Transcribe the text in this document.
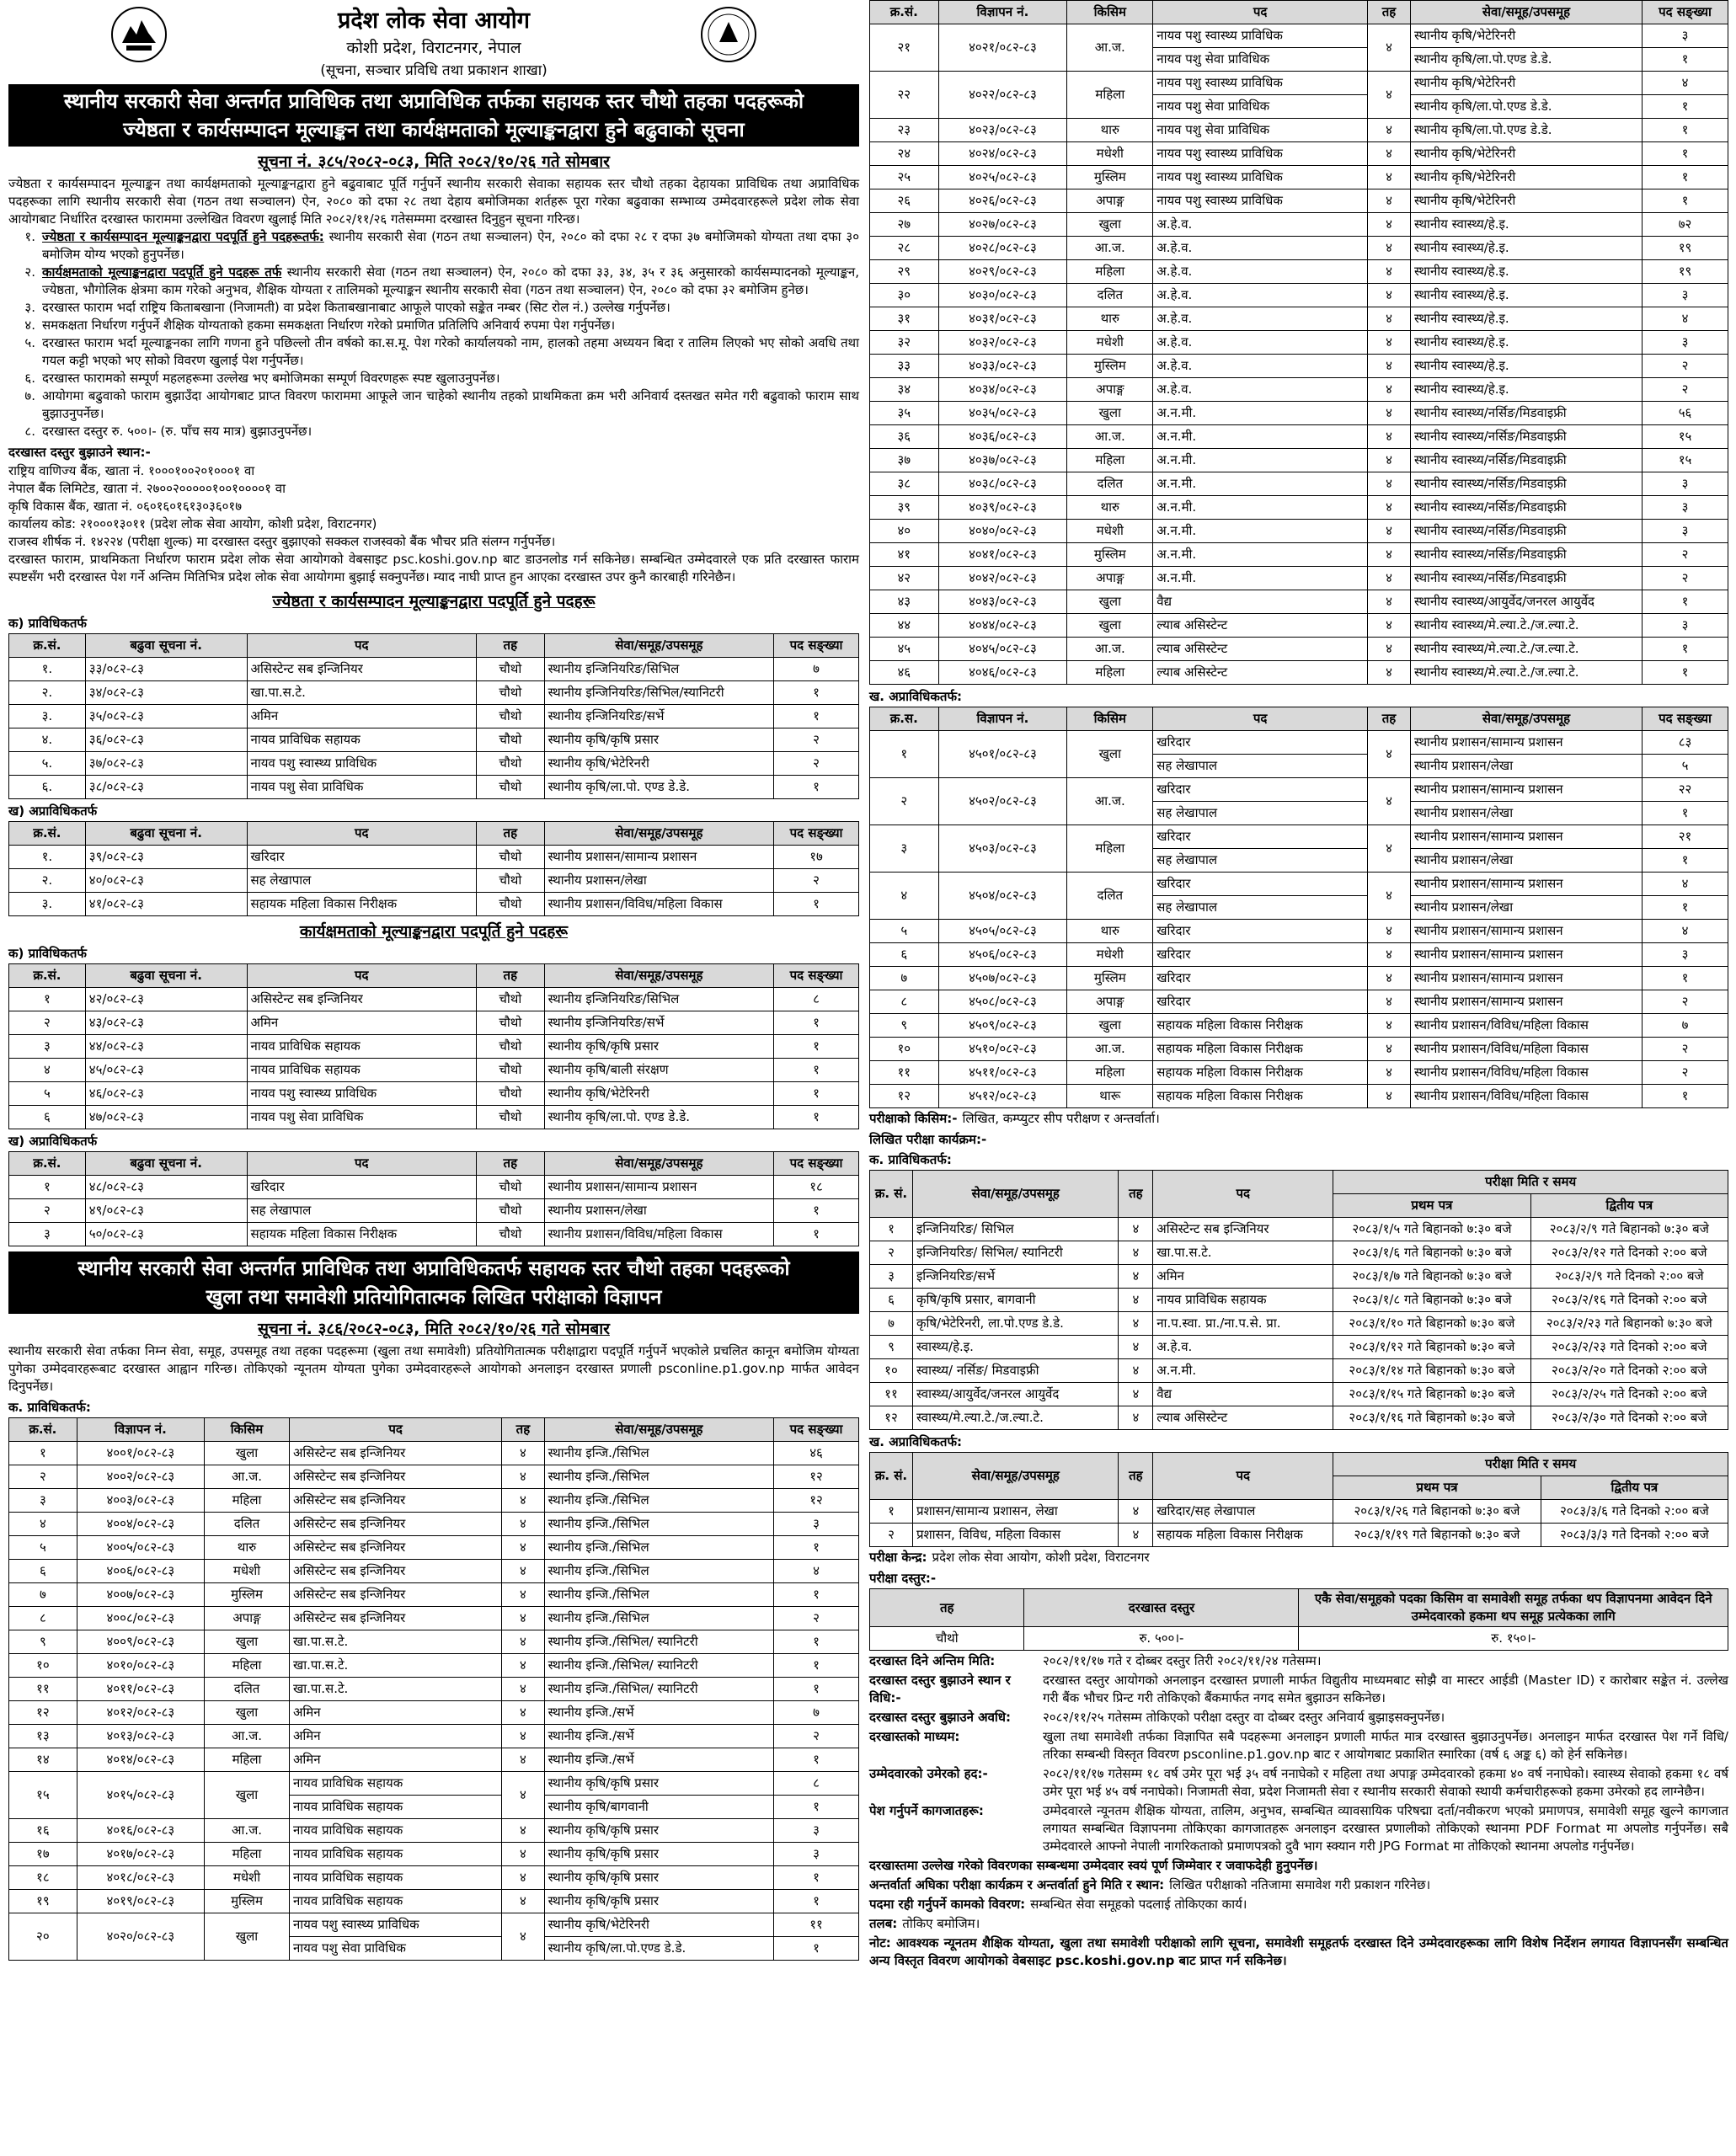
प्रदेश लोक सेवा आयोग
कोशी प्रदेश, विराटनगर, नेपाल
(सूचना, सञ्चार प्रविधि तथा प्रकाशन शाखा)
स्थानीय सरकारी सेवा अन्तर्गत प्राविधिक तथा अप्राविधिक तर्फका सहायक स्तर चौथो तहका पदहरूको
ज्येष्ठता र कार्यसम्पादन मूल्याङ्कन तथा कार्यक्षमताको मूल्याङ्कनद्वारा हुने बढुवाको सूचना
सूचना नं. ३८५/२०८२-०८३, मिति २०८२/१०/२६ गते सोमबार
ज्येष्ठता र कार्यसम्पादन मूल्याङ्कन तथा कार्यक्षमताको मूल्याङ्कनद्वारा हुने बढुवाबाट पूर्ति गर्नुपर्ने स्थानीय सरकारी सेवाका सहायक स्तर चौथो तहका देहायका प्राविधिक तथा अप्राविधिक पदहरूका लागि स्थानीय सरकारी सेवा (गठन तथा सञ्चालन) ऐन, २०८० को दफा २८ तथा देहाय बमोजिमका शर्तहरू पूरा गरेका बढुवाका सम्भाव्य उम्मेदवारहरूले प्रदेश लोक सेवा आयोगबाट निर्धारित दरखास्त फाराममा उल्लेखित विवरण खुलाई मिति २०८२/११/२६ गतेसम्ममा दरखास्त दिनुहुन सूचना गरिन्छ।
१. ज्येष्ठता र कार्यसम्पादन मूल्याङ्कनद्वारा पदपूर्ति हुने पदहरूतर्फ: स्थानीय सरकारी सेवा (गठन तथा सञ्चालन) ऐन, २०८० को दफा २८ र दफा ३७ बमोजिमको योग्यता तथा दफा ३० बमोजिम योग्य भएको हुनुपर्नेछ।
२. कार्यक्षमताको मूल्याङ्कनद्वारा पदपूर्ति हुने पदहरू तर्फ स्थानीय सरकारी सेवा (गठन तथा सञ्चालन) ऐन, २०८० को दफा ३३, ३४, ३५ र ३६ अनुसारको कार्यसम्पादनको मूल्याङ्कन, ज्येष्ठता, भौगोलिक क्षेत्रमा काम गरेको अनुभव, शैक्षिक योग्यता र तालिमको मूल्याङ्कन स्थानीय सरकारी सेवा (गठन तथा सञ्चालन) ऐन, २०८० को दफा ३२ बमोजिम हुनेछ।
३. दरखास्त फाराम भर्दा राष्ट्रिय किताबखाना (निजामती) वा प्रदेश किताबखानाबाट आफूले पाएको सङ्केत नम्बर (सिट रोल नं.) उल्लेख गर्नुपर्नेछ।
४. समकक्षता निर्धारण गर्नुपर्ने शैक्षिक योग्यताको हकमा समकक्षता निर्धारण गरेको प्रमाणित प्रतिलिपि अनिवार्य रुपमा पेश गर्नुपर्नेछ।
५. दरखास्त फाराम भर्दा मूल्याङ्कनका लागि गणना हुने पछिल्लो तीन वर्षको का.स.मू. पेश गरेको कार्यालयको नाम, हालको तहमा अध्ययन बिदा र तालिम लिएको भए सोको अवधि तथा गयल कट्टी भएको भए सोको विवरण खुलाई पेश गर्नुपर्नेछ।
६. दरखास्त फारामको सम्पूर्ण महलहरूमा उल्लेख भए बमोजिमका सम्पूर्ण विवरणहरू स्पष्ट खुलाउनुपर्नेछ।
७. आयोगमा बढुवाको फाराम बुझाउँदा आयोगबाट प्राप्त विवरण फाराममा आफूले जान चाहेको स्थानीय तहको प्राथमिकता क्रम भरी अनिवार्य दस्तखत समेत गरी बढुवाको फाराम साथ बुझाउनुपर्नेछ।
८. दरखास्त दस्तुर रु. ५००।- (रु. पाँच सय मात्र) बुझाउनुपर्नेछ।
दरखास्त दस्तुर बुझाउने स्थान:-
राष्ट्रिय वाणिज्य बैंक, खाता नं. १०००१००२०१०००१ वा
नेपाल बैंक लिमिटेड, खाता नं. २७००२०००००१००१००००१ वा
कृषि विकास बैंक, खाता नं. ०६०१६०१६१३०३६०१७
कार्यालय कोड: २१०००१३०११ (प्रदेश लोक सेवा आयोग, कोशी प्रदेश, विराटनगर)
राजस्व शीर्षक नं. १४२२४ (परीक्षा शुल्क) मा दरखास्त दस्तुर बुझाएको सक्कल राजस्वको बैंक भौचर प्रति संलग्न गर्नुपर्नेछ।
दरखास्त फाराम, प्राथमिकता निर्धारण फाराम प्रदेश लोक सेवा आयोगको वेबसाइट psc.koshi.gov.np बाट डाउनलोड गर्न सकिनेछ। सम्बन्धित उम्मेदवारले एक प्रति दरखास्त फाराम स्पष्टसँग भरी दरखास्त पेश गर्ने अन्तिम मितिभित्र प्रदेश लोक सेवा आयोगमा बुझाई सक्नुपर्नेछ। म्याद नाघी प्राप्त हुन आएका दरखास्त उपर कुनै कारबाही गरिनेछैन।
ज्येष्ठता र कार्यसम्पादन मूल्याङ्कनद्वारा पदपूर्ति हुने पदहरू
क) प्राविधिकतर्फ
क्र.सं.	बढुवा सूचना नं.	पद	तह	सेवा/समूह/उपसमूह	पद सङ्ख्या
१.	३३/०८२-८३	असिस्टेन्ट सब इन्जिनियर	चौथो	स्थानीय इन्जिनियरिङ/सिभिल	७
२.	३४/०८२-८३	खा.पा.स.टे.	चौथो	स्थानीय इन्जिनियरिङ/सिभिल/स्यानिटरी	१
३.	३५/०८२-८३	अमिन	चौथो	स्थानीय इन्जिनियरिङ/सर्भे	१
४.	३६/०८२-८३	नायव प्राविधिक सहायक	चौथो	स्थानीय कृषि/कृषि प्रसार	२
५.	३७/०८२-८३	नायव पशु स्वास्थ्य प्राविधिक	चौथो	स्थानीय कृषि/भेटेरिनरी	२
६.	३८/०८२-८३	नायव पशु सेवा प्राविधिक	चौथो	स्थानीय कृषि/ला.पो. एण्ड डे.डे.	१
ख) अप्राविधिकतर्फ
क्र.सं.	बढुवा सूचना नं.	पद	तह	सेवा/समूह/उपसमूह	पद सङ्ख्या
१.	३९/०८२-८३	खरिदार	चौथो	स्थानीय प्रशासन/सामान्य प्रशासन	१७
२.	४०/०८२-८३	सह लेखापाल	चौथो	स्थानीय प्रशासन/लेखा	२
३.	४१/०८२-८३	सहायक महिला विकास निरीक्षक	चौथो	स्थानीय प्रशासन/विविध/महिला विकास	१
कार्यक्षमताको मूल्याङ्कनद्वारा पदपूर्ति हुने पदहरू
क) प्राविधिकतर्फ
क्र.सं.	बढुवा सूचना नं.	पद	तह	सेवा/समूह/उपसमूह	पद सङ्ख्या
१	४२/०८२-८३	असिस्टेन्ट सब इन्जिनियर	चौथो	स्थानीय इन्जिनियरिङ/सिभिल	८
२	४३/०८२-८३	अमिन	चौथो	स्थानीय इन्जिनियरिङ/सर्भे	१
३	४४/०८२-८३	नायव प्राविधिक सहायक	चौथो	स्थानीय कृषि/कृषि प्रसार	१
४	४५/०८२-८३	नायव प्राविधिक सहायक	चौथो	स्थानीय कृषि/बाली संरक्षण	१
५	४६/०८२-८३	नायव पशु स्वास्थ्य प्राविधिक	चौथो	स्थानीय कृषि/भेटेरिनरी	१
६	४७/०८२-८३	नायव पशु सेवा प्राविधिक	चौथो	स्थानीय कृषि/ला.पो. एण्ड डे.डे.	१
ख) अप्राविधिकतर्फ
क्र.सं.	बढुवा सूचना नं.	पद	तह	सेवा/समूह/उपसमूह	पद सङ्ख्या
१	४८/०८२-८३	खरिदार	चौथो	स्थानीय प्रशासन/सामान्य प्रशासन	१८
२	४९/०८२-८३	सह लेखापाल	चौथो	स्थानीय प्रशासन/लेखा	१
३	५०/०८२-८३	सहायक महिला विकास निरीक्षक	चौथो	स्थानीय प्रशासन/विविध/महिला विकास	१
स्थानीय सरकारी सेवा अन्तर्गत प्राविधिक तथा अप्राविधिकतर्फ सहायक स्तर चौथो तहका पदहरूको
खुला तथा समावेशी प्रतियोगितात्मक लिखित परीक्षाको विज्ञापन
सूचना नं. ३८६/२०८२-०८३, मिति २०८२/१०/२६ गते सोमबार
स्थानीय सरकारी सेवा तर्फका निम्न सेवा, समूह, उपसमूह तथा तहका पदहरूमा (खुला तथा समावेशी) प्रतियोगितात्मक परीक्षाद्वारा पदपूर्ति गर्नुपर्ने भएकोले प्रचलित कानून बमोजिम योग्यता पुगेका उम्मेदवारहरूबाट दरखास्त आह्वान गरिन्छ। तोकिएको न्यूनतम योग्यता पुगेका उम्मेदवारहरूले आयोगको अनलाइन दरखास्त प्रणाली psconline.p1.gov.np मार्फत आवेदन दिनुपर्नेछ।
क. प्राविधिकतर्फ:
क्र.सं.	विज्ञापन नं.	किसिम	पद	तह	सेवा/समूह/उपसमूह	पद सङ्ख्या
१	४००१/०८२-८३	खुला	असिस्टेन्ट सब इन्जिनियर	४	स्थानीय इन्जि./सिभिल	४६
२	४००२/०८२-८३	आ.ज.	असिस्टेन्ट सब इन्जिनियर	४	स्थानीय इन्जि./सिभिल	१२
३	४००३/०८२-८३	महिला	असिस्टेन्ट सब इन्जिनियर	४	स्थानीय इन्जि./सिभिल	१२
४	४००४/०८२-८३	दलित	असिस्टेन्ट सब इन्जिनियर	४	स्थानीय इन्जि./सिभिल	३
५	४००५/०८२-८३	थारु	असिस्टेन्ट सब इन्जिनियर	४	स्थानीय इन्जि./सिभिल	१
६	४००६/०८२-८३	मधेशी	असिस्टेन्ट सब इन्जिनियर	४	स्थानीय इन्जि./सिभिल	४
७	४००७/०८२-८३	मुस्लिम	असिस्टेन्ट सब इन्जिनियर	४	स्थानीय इन्जि./सिभिल	१
८	४००८/०८२-८३	अपाङ्ग	असिस्टेन्ट सब इन्जिनियर	४	स्थानीय इन्जि./सिभिल	२
९	४००९/०८२-८३	खुला	खा.पा.स.टे.	४	स्थानीय इन्जि./सिभिल/ स्यानिटरी	१
१०	४०१०/०८२-८३	महिला	खा.पा.स.टे.	४	स्थानीय इन्जि./सिभिल/ स्यानिटरी	१
११	४०११/०८२-८३	दलित	खा.पा.स.टे.	४	स्थानीय इन्जि./सिभिल/ स्यानिटरी	१
१२	४०१२/०८२-८३	खुला	अमिन	४	स्थानीय इन्जि./सर्भे	७
१३	४०१३/०८२-८३	आ.ज.	अमिन	४	स्थानीय इन्जि./सर्भे	२
१४	४०१४/०८२-८३	महिला	अमिन	४	स्थानीय इन्जि./सर्भे	१
१५	४०१५/०८२-८३	खुला	नायव प्राविधिक सहायक	४	स्थानीय कृषि/कृषि प्रसार	८
			नायव प्राविधिक सहायक		स्थानीय कृषि/बागवानी	१
१६	४०१६/०८२-८३	आ.ज.	नायव प्राविधिक सहायक	४	स्थानीय कृषि/कृषि प्रसार	३
१७	४०१७/०८२-८३	महिला	नायव प्राविधिक सहायक	४	स्थानीय कृषि/कृषि प्रसार	३
१८	४०१८/०८२-८३	मधेशी	नायव प्राविधिक सहायक	४	स्थानीय कृषि/कृषि प्रसार	१
१९	४०१९/०८२-८३	मुस्लिम	नायव प्राविधिक सहायक	४	स्थानीय कृषि/कृषि प्रसार	१
२०	४०२०/०८२-८३	खुला	नायव पशु स्वास्थ्य प्राविधिक	४	स्थानीय कृषि/भेटेरिनरी	११
			नायव पशु सेवा प्राविधिक		स्थानीय कृषि/ला.पो.एण्ड डे.डे.	१
क्र.सं.	विज्ञापन नं.	किसिम	पद	तह	सेवा/समूह/उपसमूह	पद सङ्ख्या
२१	४०२१/०८२-८३	आ.ज.	नायव पशु स्वास्थ्य प्राविधिक	४	स्थानीय कृषि/भेटेरिनरी	३
			नायव पशु सेवा प्राविधिक		स्थानीय कृषि/ला.पो.एण्ड डे.डे.	१
२२	४०२२/०८२-८३	महिला	नायव पशु स्वास्थ्य प्राविधिक	४	स्थानीय कृषि/भेटेरिनरी	४
			नायव पशु सेवा प्राविधिक		स्थानीय कृषि/ला.पो.एण्ड डे.डे.	१
२३	४०२३/०८२-८३	थारु	नायव पशु सेवा प्राविधिक	४	स्थानीय कृषि/ला.पो.एण्ड डे.डे.	१
२४	४०२४/०८२-८३	मधेशी	नायव पशु स्वास्थ्य प्राविधिक	४	स्थानीय कृषि/भेटेरिनरी	१
२५	४०२५/०८२-८३	मुस्लिम	नायव पशु स्वास्थ्य प्राविधिक	४	स्थानीय कृषि/भेटेरिनरी	१
२६	४०२६/०८२-८३	अपाङ्ग	नायव पशु स्वास्थ्य प्राविधिक	४	स्थानीय कृषि/भेटेरिनरी	१
२७	४०२७/०८२-८३	खुला	अ.हे.व.	४	स्थानीय स्वास्थ्य/हे.इ.	७२
२८	४०२८/०८२-८३	आ.ज.	अ.हे.व.	४	स्थानीय स्वास्थ्य/हे.इ.	१९
२९	४०२९/०८२-८३	महिला	अ.हे.व.	४	स्थानीय स्वास्थ्य/हे.इ.	१९
३०	४०३०/०८२-८३	दलित	अ.हे.व.	४	स्थानीय स्वास्थ्य/हे.इ.	३
३१	४०३१/०८२-८३	थारु	अ.हे.व.	४	स्थानीय स्वास्थ्य/हे.इ.	४
३२	४०३२/०८२-८३	मधेशी	अ.हे.व.	४	स्थानीय स्वास्थ्य/हे.इ.	३
३३	४०३३/०८२-८३	मुस्लिम	अ.हे.व.	४	स्थानीय स्वास्थ्य/हे.इ.	२
३४	४०३४/०८२-८३	अपाङ्ग	अ.हे.व.	४	स्थानीय स्वास्थ्य/हे.इ.	२
३५	४०३५/०८२-८३	खुला	अ.न.मी.	४	स्थानीय स्वास्थ्य/नर्सिङ/मिडवाइफ्री	५६
३६	४०३६/०८२-८३	आ.ज.	अ.न.मी.	४	स्थानीय स्वास्थ्य/नर्सिङ/मिडवाइफ्री	१५
३७	४०३७/०८२-८३	महिला	अ.न.मी.	४	स्थानीय स्वास्थ्य/नर्सिङ/मिडवाइफ्री	१५
३८	४०३८/०८२-८३	दलित	अ.न.मी.	४	स्थानीय स्वास्थ्य/नर्सिङ/मिडवाइफ्री	३
३९	४०३९/०८२-८३	थारु	अ.न.मी.	४	स्थानीय स्वास्थ्य/नर्सिङ/मिडवाइफ्री	३
४०	४०४०/०८२-८३	मधेशी	अ.न.मी.	४	स्थानीय स्वास्थ्य/नर्सिङ/मिडवाइफ्री	३
४१	४०४१/०८२-८३	मुस्लिम	अ.न.मी.	४	स्थानीय स्वास्थ्य/नर्सिङ/मिडवाइफ्री	२
४२	४०४२/०८२-८३	अपाङ्ग	अ.न.मी.	४	स्थानीय स्वास्थ्य/नर्सिङ/मिडवाइफ्री	२
४३	४०४३/०८२-८३	खुला	वैद्य	४	स्थानीय स्वास्थ्य/आयुर्वेद/जनरल आयुर्वेद	१
४४	४०४४/०८२-८३	खुला	ल्याब असिस्टेन्ट	४	स्थानीय स्वास्थ्य/मे.ल्या.टे./ज.ल्या.टे.	३
४५	४०४५/०८२-८३	आ.ज.	ल्याब असिस्टेन्ट	४	स्थानीय स्वास्थ्य/मे.ल्या.टे./ज.ल्या.टे.	१
४६	४०४६/०८२-८३	महिला	ल्याब असिस्टेन्ट	४	स्थानीय स्वास्थ्य/मे.ल्या.टे./ज.ल्या.टे.	१
ख. अप्राविधिकतर्फ:
क्र.स.	विज्ञापन नं.	किसिम	पद	तह	सेवा/समूह/उपसमूह	पद सङ्ख्या
१	४५०१/०८२-८३	खुला	खरिदार	४	स्थानीय प्रशासन/सामान्य प्रशासन	८३
			सह लेखापाल		स्थानीय प्रशासन/लेखा	५
२	४५०२/०८२-८३	आ.ज.	खरिदार	४	स्थानीय प्रशासन/सामान्य प्रशासन	२२
			सह लेखापाल		स्थानीय प्रशासन/लेखा	१
३	४५०३/०८२-८३	महिला	खरिदार	४	स्थानीय प्रशासन/सामान्य प्रशासन	२१
			सह लेखापाल		स्थानीय प्रशासन/लेखा	१
४	४५०४/०८२-८३	दलित	खरिदार	४	स्थानीय प्रशासन/सामान्य प्रशासन	४
			सह लेखापाल		स्थानीय प्रशासन/लेखा	१
५	४५०५/०८२-८३	थारु	खरिदार	४	स्थानीय प्रशासन/सामान्य प्रशासन	४
६	४५०६/०८२-८३	मधेशी	खरिदार	४	स्थानीय प्रशासन/सामान्य प्रशासन	३
७	४५०७/०८२-८३	मुस्लिम	खरिदार	४	स्थानीय प्रशासन/सामान्य प्रशासन	१
८	४५०८/०८२-८३	अपाङ्ग	खरिदार	४	स्थानीय प्रशासन/सामान्य प्रशासन	२
९	४५०९/०८२-८३	खुला	सहायक महिला विकास निरीक्षक	४	स्थानीय प्रशासन/विविध/महिला विकास	७
१०	४५१०/०८२-८३	आ.ज.	सहायक महिला विकास निरीक्षक	४	स्थानीय प्रशासन/विविध/महिला विकास	२
११	४५११/०८२-८३	महिला	सहायक महिला विकास निरीक्षक	४	स्थानीय प्रशासन/विविध/महिला विकास	२
१२	४५१२/०८२-८३	थारू	सहायक महिला विकास निरीक्षक	४	स्थानीय प्रशासन/विविध/महिला विकास	१
परीक्षाको किसिम:- लिखित, कम्प्युटर सीप परीक्षण र अन्तर्वार्ता।
लिखित परीक्षा कार्यक्रम:-
क. प्राविधिकतर्फ:
क्र. सं.	सेवा/समूह/उपसमूह	तह	पद	परीक्षा मिति र समय	
				प्रथम पत्र	द्वितीय पत्र
१	इन्जिनियरिङ/ सिभिल	४	असिस्टेन्ट सब इन्जिनियर	२०८३/१/५ गते बिहानको ७:३० बजे	२०८३/२/९ गते बिहानको ७:३० बजे
२	इन्जिनियरिङ/ सिभिल/ स्यानिटरी	४	खा.पा.स.टे.	२०८३/१/६ गते बिहानको ७:३० बजे	२०८३/२/१२ गते दिनको २:०० बजे
३	इन्जिनियरिङ/सर्भे	४	अमिन	२०८३/१/७ गते बिहानको ७:३० बजे	२०८३/२/९ गते दिनको २:०० बजे
६	कृषि/कृषि प्रसार, बागवानी	४	नायव प्राविधिक सहायक	२०८३/१/८ गते बिहानको ७:३० बजे	२०८३/२/१६ गते दिनको २:०० बजे
७	कृषि/भेटेरिनरी, ला.पो.एण्ड डे.डे.	४	ना.प.स्वा. प्रा./ना.प.से. प्रा.	२०८३/१/१० गते बिहानको ७:३० बजे	२०८३/२/२३ गते बिहानको ७:३० बजे
९	स्वास्थ्य/हे.इ.	४	अ.हे.व.	२०८३/१/१२ गते बिहानको ७:३० बजे	२०८३/२/२३ गते दिनको २:०० बजे
१०	स्वास्थ्य/ नर्सिङ/ मिडवाइफ्री	४	अ.न.मी.	२०८३/१/१४ गते बिहानको ७:३० बजे	२०८३/२/२० गते दिनको २:०० बजे
११	स्वास्थ्य/आयुर्वेद/जनरल आयुर्वेद	४	वैद्य	२०८३/१/१५ गते बिहानको ७:३० बजे	२०८३/२/२५ गते दिनको २:०० बजे
१२	स्वास्थ्य/मे.ल्या.टे./ज.ल्या.टे.	४	ल्याब असिस्टेन्ट	२०८३/१/१६ गते बिहानको ७:३० बजे	२०८३/२/३० गते दिनको २:०० बजे
ख. अप्राविधिकतर्फ:
क्र. सं.	सेवा/समूह/उपसमूह	तह	पद	परीक्षा मिति र समय	
				प्रथम पत्र	द्वितीय पत्र
१	प्रशासन/सामान्य प्रशासन, लेखा	४	खरिदार/सह लेखापाल	२०८३/१/२६ गते बिहानको ७:३० बजे	२०८३/३/६ गते दिनको २:०० बजे
२	प्रशासन, विविध, महिला विकास	४	सहायक महिला विकास निरीक्षक	२०८३/१/१९ गते बिहानको ७:३० बजे	२०८३/३/३ गते दिनको २:०० बजे
परीक्षा केन्द्र: प्रदेश लोक सेवा आयोग, कोशी प्रदेश, विराटनगर
परीक्षा दस्तुर:-
तह	दरखास्त दस्तुर	एकै सेवा/समूहको पदका किसिम वा समावेशी समूह तर्फका थप विज्ञापनमा आवेदन दिने उम्मेदवारको हकमा थप समूह प्रत्येकका लागि
चौथो	रु. ५००।-	रु. १५०।-
दरखास्त दिने अन्तिम मिति:	२०८२/११/१७ गते र दोब्बर दस्तुर तिरी २०८२/११/२४ गतेसम्म।
दरखास्त दस्तुर बुझाउने स्थान र विधि:-
दरखास्त दस्तुर आयोगको अनलाइन दरखास्त प्रणाली मार्फत विद्युतीय माध्यमबाट सोझै वा मास्टर आईडी (Master ID) र कारोबार सङ्केत नं. उल्लेख गरी बैंक भौचर प्रिन्ट गरी तोकिएको बैंकमार्फत नगद समेत बुझाउन सकिनेछ।
दरखास्त दस्तुर बुझाउने अवधि:	२०८२/११/२५ गतेसम्म तोकिएको परीक्षा दस्तुर वा दोब्बर दस्तुर अनिवार्य बुझाइसक्नुपर्नेछ।
दरखास्तको माध्यम:	खुला तथा समावेशी तर्फका विज्ञापित सबै पदहरूमा अनलाइन प्रणाली मार्फत मात्र दरखास्त बुझाउनुपर्नेछ। अनलाइन मार्फत दरखास्त पेश गर्ने विधि/तरिका सम्बन्धी विस्तृत विवरण psconline.p1.gov.np बाट र आयोगबाट प्रकाशित स्मारिका (वर्ष ६ अङ्क ६) को हेर्न सकिनेछ।
उम्मेदवारको उमेरको हद:-	२०८२/११/१७ गतेसम्म १८ वर्ष उमेर पूरा भई ३५ वर्ष ननाघेको र महिला तथा अपाङ्ग उम्मेदवारको हकमा ४० वर्ष ननाघेको। स्वास्थ्य सेवाको हकमा १८ वर्ष उमेर पूरा भई ४५ वर्ष ननाघेको। निजामती सेवा, प्रदेश निजामती सेवा र स्थानीय सरकारी सेवाको स्थायी कर्मचारीहरूको हकमा उमेरको हद लाग्नेछैन।
पेश गर्नुपर्ने कागजातहरू:	उम्मेदवारले न्यूनतम शैक्षिक योग्यता, तालिम, अनुभव, सम्बन्धित व्यावसायिक परिषद्मा दर्ता/नवीकरण भएको प्रमाणपत्र, समावेशी समूह खुल्ने कागजात लगायत सम्बन्धित विज्ञापनमा तोकिएका कागजातहरू अनलाइन दरखास्त प्रणालीको तोकिएको स्थानमा PDF Format मा अपलोड गर्नुपर्नेछ। सबै उम्मेदवारले आफ्नो नेपाली नागरिकताको प्रमाणपत्रको दुवै भाग स्क्यान गरी JPG Format मा तोकिएको स्थानमा अपलोड गर्नुपर्नेछ।
दरखास्तमा उल्लेख गरेको विवरणका सम्बन्धमा उम्मेदवार स्वयं पूर्ण जिम्मेवार र जवाफदेही हुनुपर्नेछ।
अन्तर्वार्ता अघिका परीक्षा कार्यक्रम र अन्तर्वार्ता हुने मिति र स्थान: लिखित परीक्षाको नतिजामा समावेश गरी प्रकाशन गरिनेछ।
पदमा रही गर्नुपर्ने कामको विवरण: सम्बन्धित सेवा समूहको पदलाई तोकिएका कार्य।
तलब: तोकिए बमोजिम।
नोट: आवश्यक न्यूनतम शैक्षिक योग्यता, खुला तथा समावेशी परीक्षाको लागि सूचना, समावेशी समूहतर्फ दरखास्त दिने उम्मेदवारहरूका लागि विशेष निर्देशन लगायत विज्ञापनसँग सम्बन्धित अन्य विस्तृत विवरण आयोगको वेबसाइट psc.koshi.gov.np बाट प्राप्त गर्न सकिनेछ।
